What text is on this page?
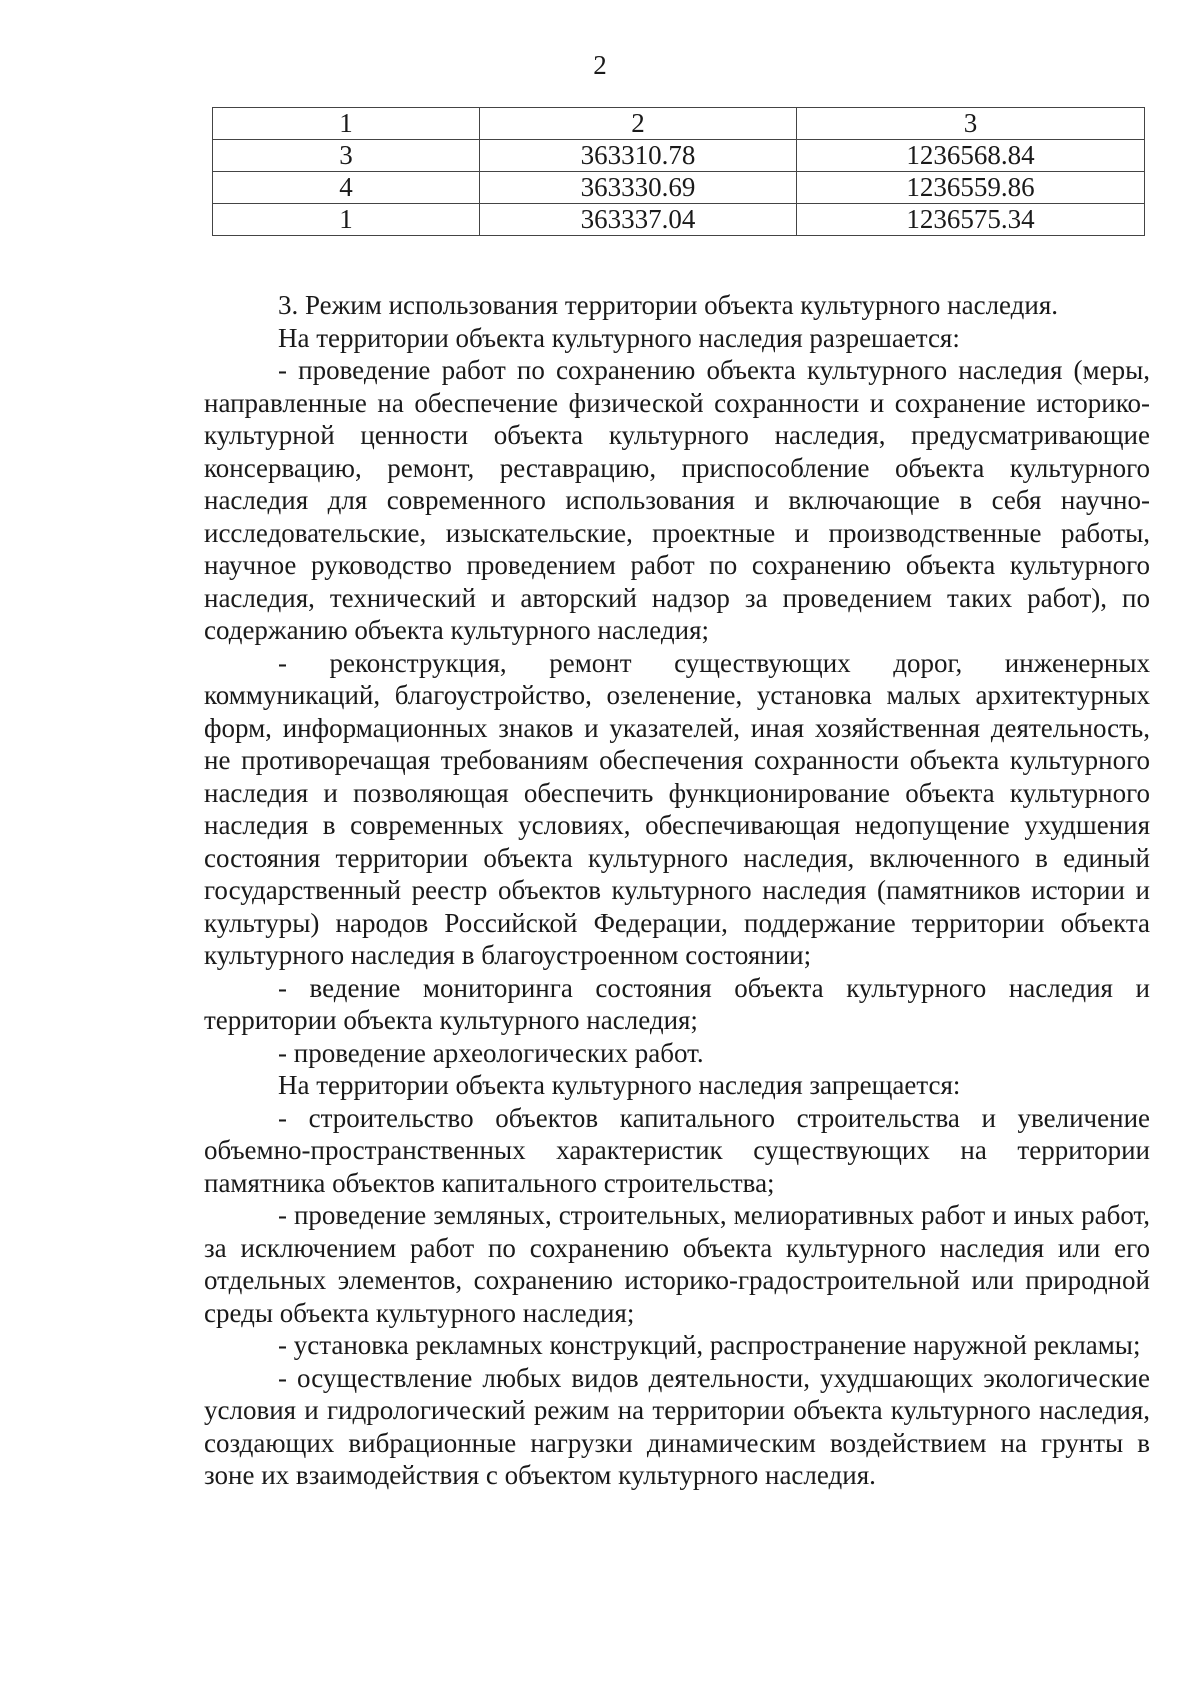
2
1	2	3
3	363310.78	1236568.84
4	363330.69	1236559.86
1	363337.04	1236575.34

3. Режим использования территории объекта культурного наследия.

На территории объекта культурного наследия разрешается:

- проведение работ по сохранению объекта культурного наследия (меры, направленные на обеспечение физической сохранности и сохранение историко-культурной ценности объекта культурного наследия, предусматривающие консервацию, ремонт, реставрацию, приспособление объекта культурного наследия для современного использования и включающие в себя научно-исследовательские, изыскательские, проектные и производственные работы, научное руководство проведением работ по сохранению объекта культурного наследия, технический и авторский надзор за проведением таких работ), по содержанию объекта культурного наследия;

- реконструкция, ремонт существующих дорог, инженерных коммуникаций, благоустройство, озеленение, установка малых архитектурных форм, информационных знаков и указателей, иная хозяйственная деятельность, не противоречащая требованиям обеспечения сохранности объекта культурного наследия и позволяющая обеспечить функционирование объекта культурного наследия в современных условиях, обеспечивающая недопущение ухудшения состояния территории объекта культурного наследия, включенного в единый государственный реестр объектов культурного наследия (памятников истории и культуры) народов Российской Федерации, поддержание территории объекта культурного наследия в благоустроенном состоянии;

- ведение мониторинга состояния объекта культурного наследия и территории объекта культурного наследия;

- проведение археологических работ.

На территории объекта культурного наследия запрещается:

- строительство объектов капитального строительства и увеличение объемно-пространственных характеристик существующих на территории памятника объектов капитального строительства;

- проведение земляных, строительных, мелиоративных работ и иных работ, за исключением работ по сохранению объекта культурного наследия или его отдельных элементов, сохранению историко-градостроительной или природной среды объекта культурного наследия;

- установка рекламных конструкций, распространение наружной рекламы;

- осуществление любых видов деятельности, ухудшающих экологические условия и гидрологический режим на территории объекта культурного наследия, создающих вибрационные нагрузки динамическим воздействием на грунты в зоне их взаимодействия с объектом культурного наследия.
